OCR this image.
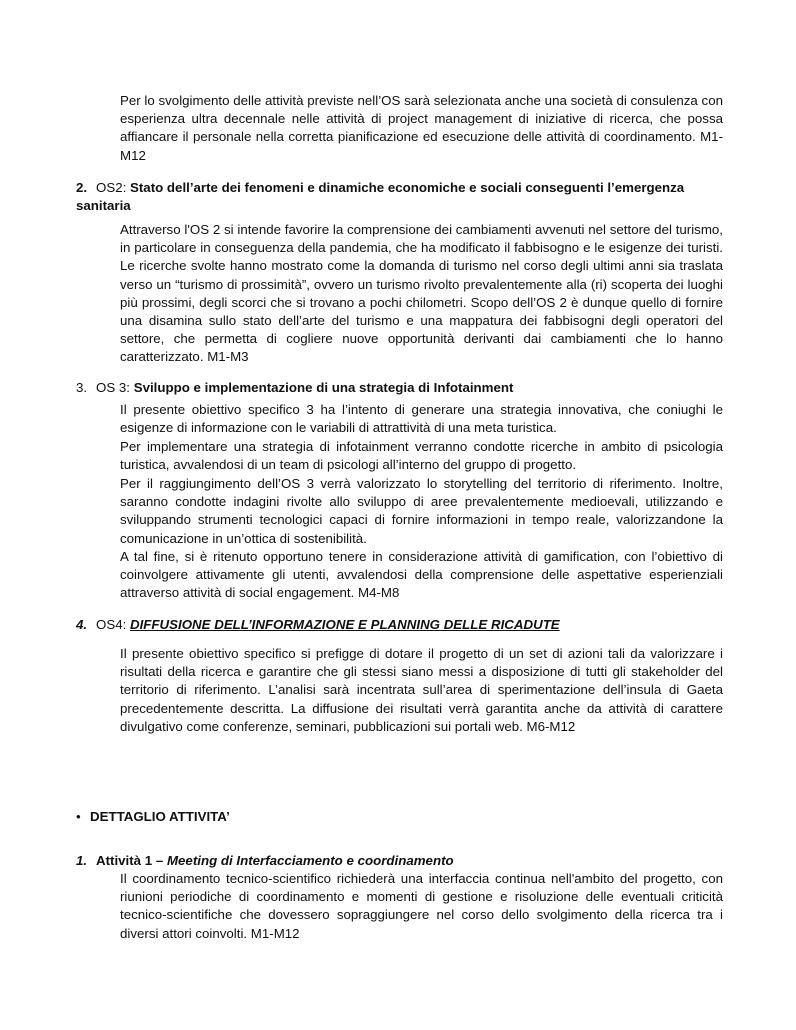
Per lo svolgimento delle attività previste nell’OS sarà selezionata anche una società di consulenza con esperienza ultra decennale nelle attività di project management di iniziative di ricerca, che possa affiancare il personale nella corretta pianificazione ed esecuzione delle attività di coordinamento. M1-M12

2. OS2: Stato dell’arte dei fenomeni e dinamiche economiche e sociali conseguenti l’emergenza sanitaria

Attraverso l'OS 2 si intende favorire la comprensione dei cambiamenti avvenuti nel settore del turismo, in particolare in conseguenza della pandemia, che ha modificato il fabbisogno e le esigenze dei turisti. Le ricerche svolte hanno mostrato come la domanda di turismo nel corso degli ultimi anni sia traslata verso un “turismo di prossimità”, ovvero un turismo rivolto prevalentemente alla (ri) scoperta dei luoghi più prossimi, degli scorci che si trovano a pochi chilometri. Scopo dell’OS 2 è dunque quello di fornire una disamina sullo stato dell’arte del turismo e una mappatura dei fabbisogni degli operatori del settore, che permetta di cogliere nuove opportunità derivanti dai cambiamenti che lo hanno caratterizzato. M1-M3

3. OS 3: Sviluppo e implementazione di una strategia di Infotainment

Il presente obiettivo specifico 3 ha l’intento di generare una strategia innovativa, che coniughi le esigenze di informazione con le variabili di attrattività di una meta turistica.

Per implementare una strategia di infotainment verranno condotte ricerche in ambito di psicologia turistica, avvalendosi di un team di psicologi all’interno del gruppo di progetto.

Per il raggiungimento dell’OS 3 verrà valorizzato lo storytelling del territorio di riferimento. Inoltre, saranno condotte indagini rivolte allo sviluppo di aree prevalentemente medioevali, utilizzando e sviluppando strumenti tecnologici capaci di fornire informazioni in tempo reale, valorizzandone la comunicazione in un’ottica di sostenibilità.

A tal fine, si è ritenuto opportuno tenere in considerazione attività di gamification, con l’obiettivo di coinvolgere attivamente gli utenti, avvalendosi della comprensione delle aspettative esperienziali attraverso attività di social engagement. M4-M8

4. OS4: DIFFUSIONE DELL’INFORMAZIONE E PLANNING DELLE RICADUTE

Il presente obiettivo specifico si prefigge di dotare il progetto di un set di azioni tali da valorizzare i risultati della ricerca e garantire che gli stessi siano messi a disposizione di tutti gli stakeholder del territorio di riferimento. L’analisi sarà incentrata sull’area di sperimentazione dell’insula di Gaeta precedentemente descritta. La diffusione dei risultati verrà garantita anche da attività di carattere divulgativo come conferenze, seminari, pubblicazioni sui portali web. M6-M12

• DETTAGLIO ATTIVITA’

1. Attività 1 – Meeting di Interfacciamento e coordinamento

Il coordinamento tecnico-scientifico richiederà una interfaccia continua nell'ambito del progetto, con riunioni periodiche di coordinamento e momenti di gestione e risoluzione delle eventuali criticità tecnico-scientifiche che dovessero sopraggiungere nel corso dello svolgimento della ricerca tra i diversi attori coinvolti. M1-M12
